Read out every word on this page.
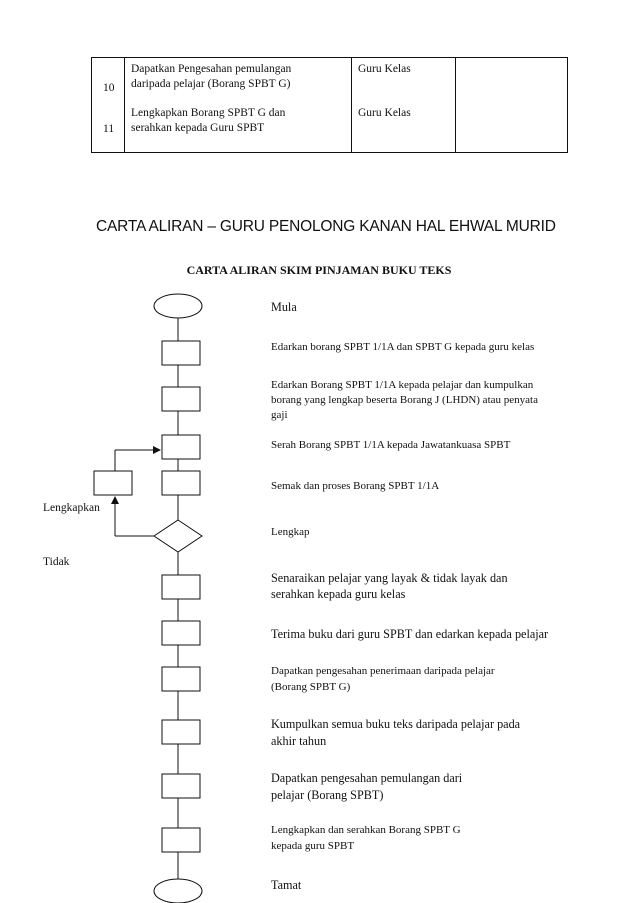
10
Dapatkan Pengesahan pemulangan
daripada pelajar (Borang SPBT G)
Guru Kelas
11
Lengkapkan Borang SPBT G dan
serahkan kepada Guru SPBT
Guru Kelas
CARTA ALIRAN – GURU PENOLONG KANAN HAL EHWAL MURID
CARTA ALIRAN SKIM PINJAMAN BUKU TEKS
Lengkapkan
Tidak
Mula
Edarkan borang SPBT 1/1A dan SPBT G kepada guru kelas
Edarkan Borang SPBT 1/1A kepada pelajar dan kumpulkan
borang yang lengkap beserta Borang J (LHDN) atau penyata
gaji
Serah Borang SPBT 1/1A kepada Jawatankuasa SPBT
Semak dan proses Borang SPBT 1/1A
Lengkap
Senaraikan pelajar yang layak & tidak layak dan
serahkan kepada guru kelas
Terima buku dari guru SPBT dan edarkan kepada pelajar
Dapatkan pengesahan penerimaan daripada pelajar
(Borang SPBT G)
Kumpulkan semua buku teks daripada pelajar pada
akhir tahun
Dapatkan pengesahan pemulangan dari
pelajar (Borang SPBT)
Lengkapkan dan serahkan Borang SPBT G
kepada guru SPBT
Tamat
